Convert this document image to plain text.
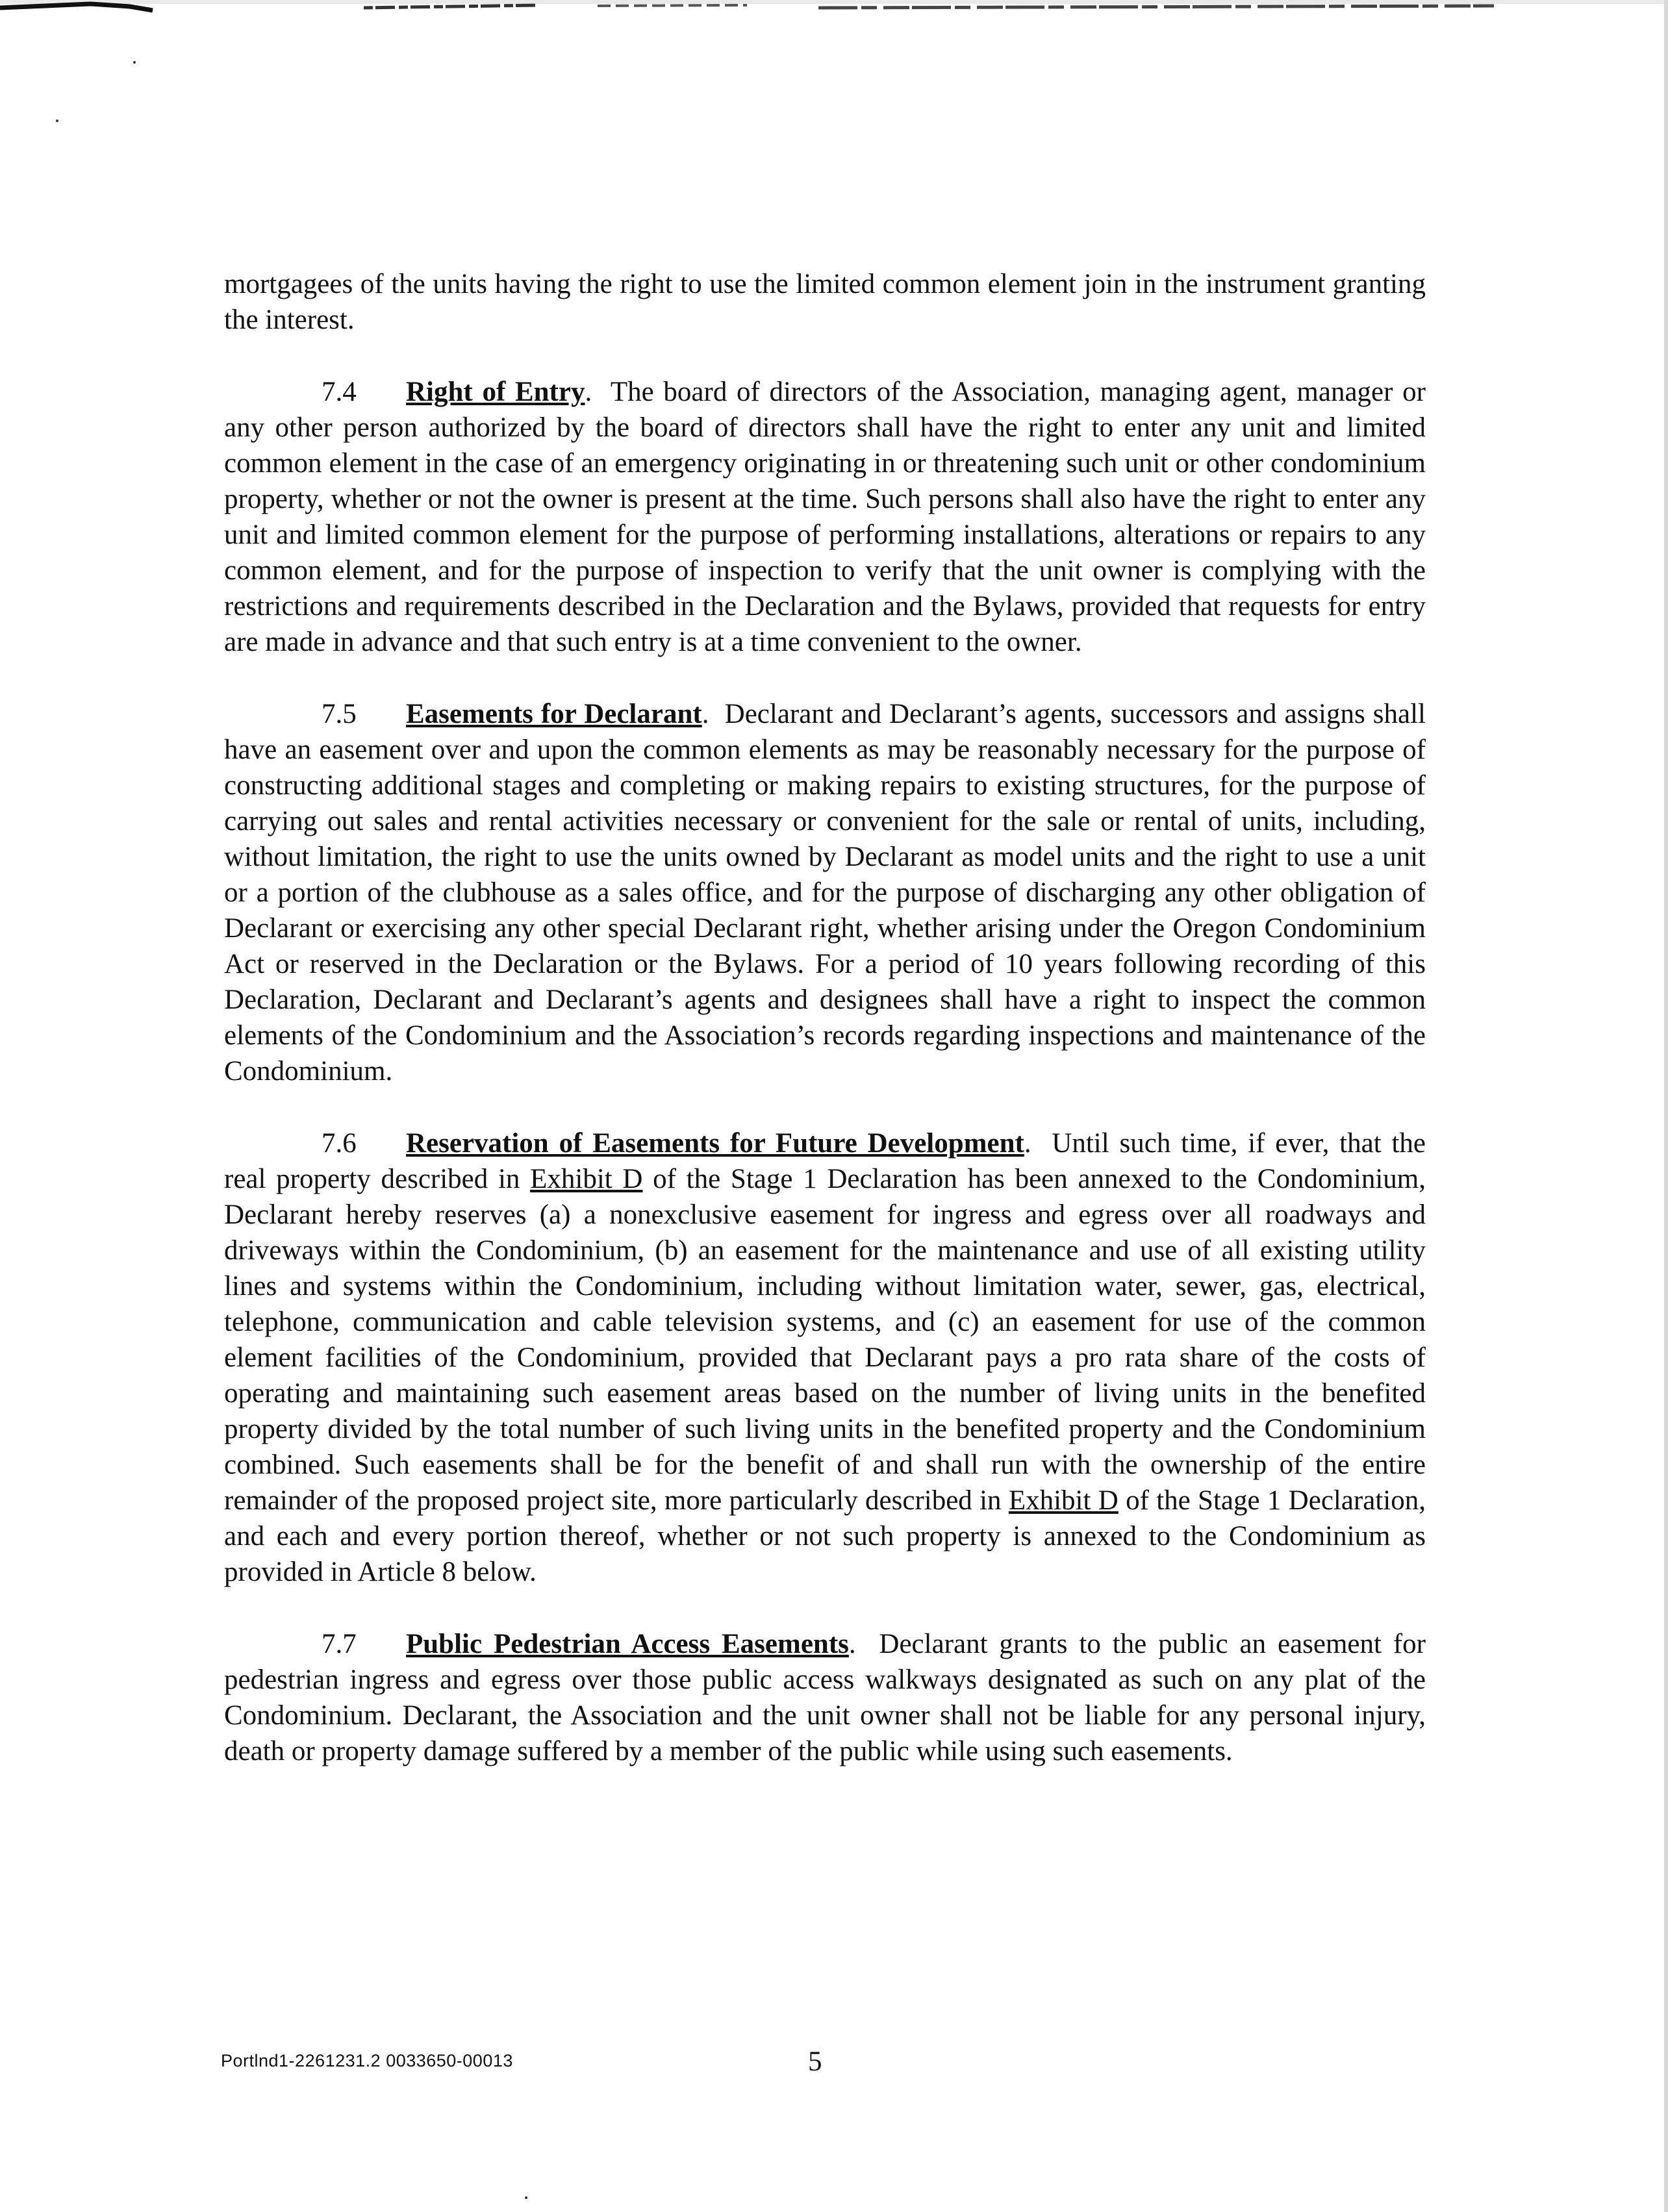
mortgagees of the units having the right to use the limited common element join in the instrument granting the interest.

7.4 Right of Entry.  The board of directors of the Association, managing agent, manager or any other person authorized by the board of directors shall have the right to enter any unit and limited common element in the case of an emergency originating in or threatening such unit or other condominium property, whether or not the owner is present at the time. Such persons shall also have the right to enter any unit and limited common element for the purpose of performing installations, alterations or repairs to any common element, and for the purpose of inspection to verify that the unit owner is complying with the restrictions and requirements described in the Declaration and the Bylaws, provided that requests for entry are made in advance and that such entry is at a time convenient to the owner.

7.5 Easements for Declarant.  Declarant and Declarant’s agents, successors and assigns shall have an easement over and upon the common elements as may be reasonably necessary for the purpose of constructing additional stages and completing or making repairs to existing structures, for the purpose of carrying out sales and rental activities necessary or convenient for the sale or rental of units, including, without limitation, the right to use the units owned by Declarant as model units and the right to use a unit or a portion of the clubhouse as a sales office, and for the purpose of discharging any other obligation of Declarant or exercising any other special Declarant right, whether arising under the Oregon Condominium Act or reserved in the Declaration or the Bylaws. For a period of 10 years following recording of this Declaration, Declarant and Declarant’s agents and designees shall have a right to inspect the common elements of the Condominium and the Association’s records regarding inspections and maintenance of the Condominium.

7.6 Reservation of Easements for Future Development.  Until such time, if ever, that the real property described in Exhibit D of the Stage 1 Declaration has been annexed to the Condominium, Declarant hereby reserves (a) a nonexclusive easement for ingress and egress over all roadways and driveways within the Condominium, (b) an easement for the maintenance and use of all existing utility lines and systems within the Condominium, including without limitation water, sewer, gas, electrical, telephone, communication and cable television systems, and (c) an easement for use of the common element facilities of the Condominium, provided that Declarant pays a pro rata share of the costs of operating and maintaining such easement areas based on the number of living units in the benefited property divided by the total number of such living units in the benefited property and the Condominium combined. Such easements shall be for the benefit of and shall run with the ownership of the entire remainder of the proposed project site, more particularly described in Exhibit D of the Stage 1 Declaration, and each and every portion thereof, whether or not such property is annexed to the Condominium as provided in Article 8 below.

7.7 Public Pedestrian Access Easements.  Declarant grants to the public an easement for pedestrian ingress and egress over those public access walkways designated as such on any plat of the Condominium. Declarant, the Association and the unit owner shall not be liable for any personal injury, death or property damage suffered by a member of the public while using such easements.

Portlnd1-2261231.2 0033650-00013	5
